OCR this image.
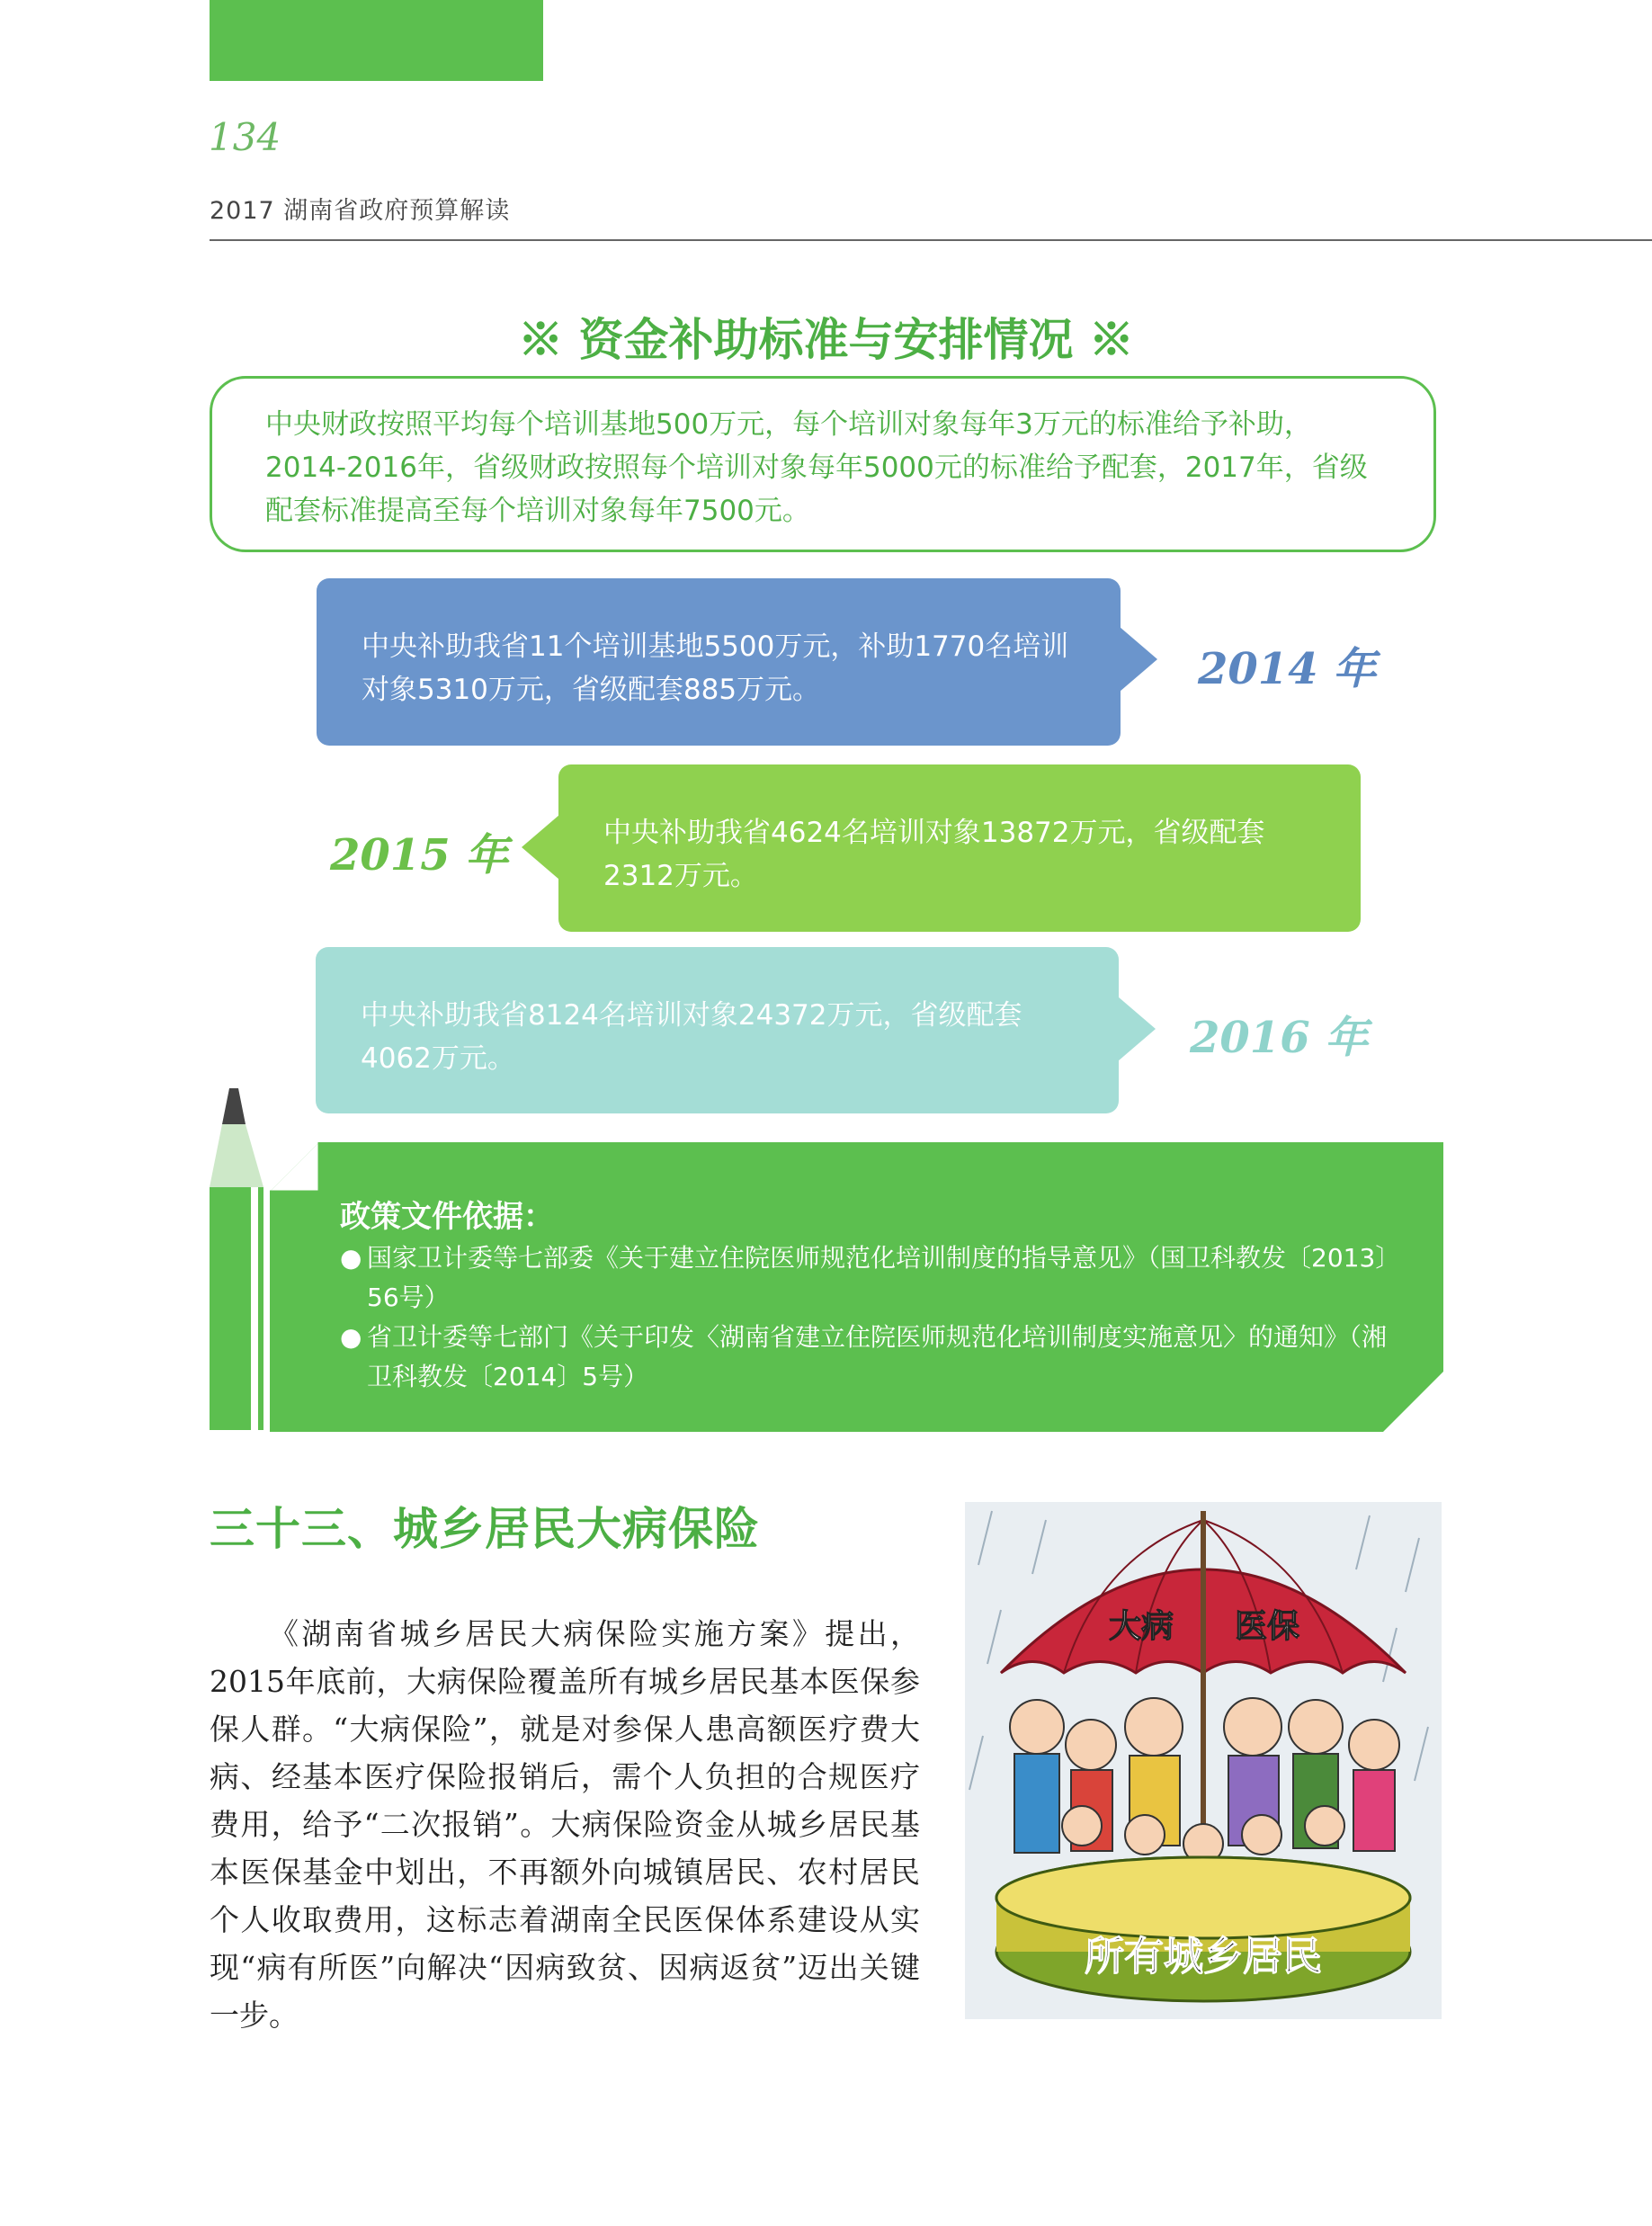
134
2017 湖南省政府预算解读
※ 资金补助标准与安排情况 ※
中央财政按照平均每个培训基地500万元，每个培训对象每年3万元的标准给予补助，2014-2016年，省级财政按照每个培训对象每年5000元的标准给予配套，2017年，省级配套标准提高至每个培训对象每年7500元。
中央补助我省11个培训基地5500万元，补助1770名培训对象5310万元，省级配套885万元。	2014 年
中央补助我省4624名培训对象13872万元，省级配套2312万元。
2015 年
中央补助我省8124名培训对象24372万元，省级配套4062万元。	2016 年
政策文件依据：
● 国家卫计委等七部委《关于建立住院医师规范化培训制度的指导意见》（国卫科教发〔2013〕56号）
● 省卫计委等七部门《关于印发〈湖南省建立住院医师规范化培训制度实施意见〉的通知》（湘卫科教发〔2014〕5号）
三十三、城乡居民大病保险
《湖南省城乡居民大病保险实施方案》提出，2015年底前，大病保险覆盖所有城乡居民基本医保参保人群。“大病保险”，就是对参保人患高额医疗费大病、经基本医疗保险报销后，需个人负担的合规医疗费用，给予“二次报销”。大病保险资金从城乡居民基本医保基金中划出，不再额外向城镇居民、农村居民个人收取费用，这标志着湖南全民医保体系建设从实现“病有所医”向解决“因病致贫、因病返贫”迈出关键一步。
大病 医保
所有城乡居民
